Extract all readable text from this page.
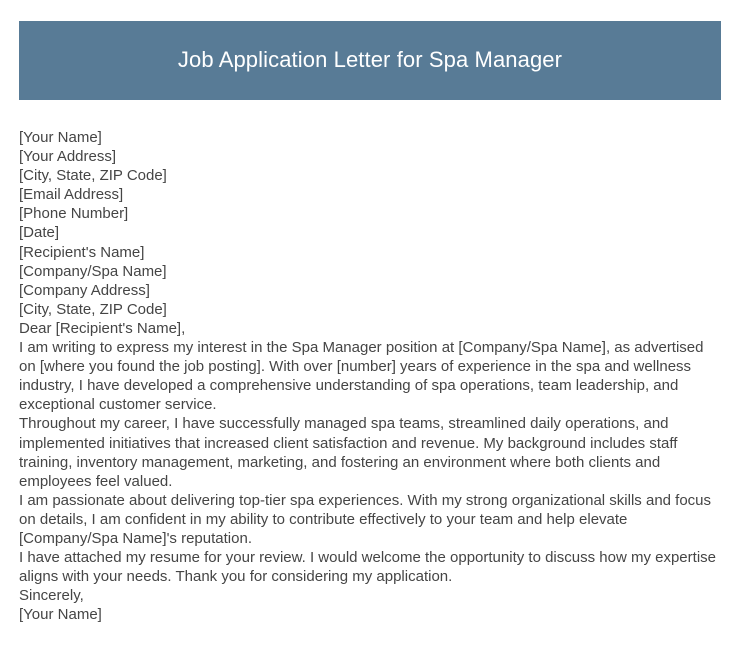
Job Application Letter for Spa Manager

[Your Name]

[Your Address]

[City, State, ZIP Code]

[Email Address]

[Phone Number]

[Date]

[Recipient's Name]

[Company/Spa Name]

[Company Address]

[City, State, ZIP Code]

Dear [Recipient's Name],

I am writing to express my interest in the Spa Manager position at [Company/Spa Name], as advertised on [where you found the job posting]. With over [number] years of experience in the spa and wellness industry, I have developed a comprehensive understanding of spa operations, team leadership, and exceptional customer service.

Throughout my career, I have successfully managed spa teams, streamlined daily operations, and implemented initiatives that increased client satisfaction and revenue. My background includes staff training, inventory management, marketing, and fostering an environment where both clients and employees feel valued.

I am passionate about delivering top-tier spa experiences. With my strong organizational skills and focus on details, I am confident in my ability to contribute effectively to your team and help elevate [Company/Spa Name]'s reputation.

I have attached my resume for your review. I would welcome the opportunity to discuss how my expertise aligns with your needs. Thank you for considering my application.

Sincerely,

[Your Name]
